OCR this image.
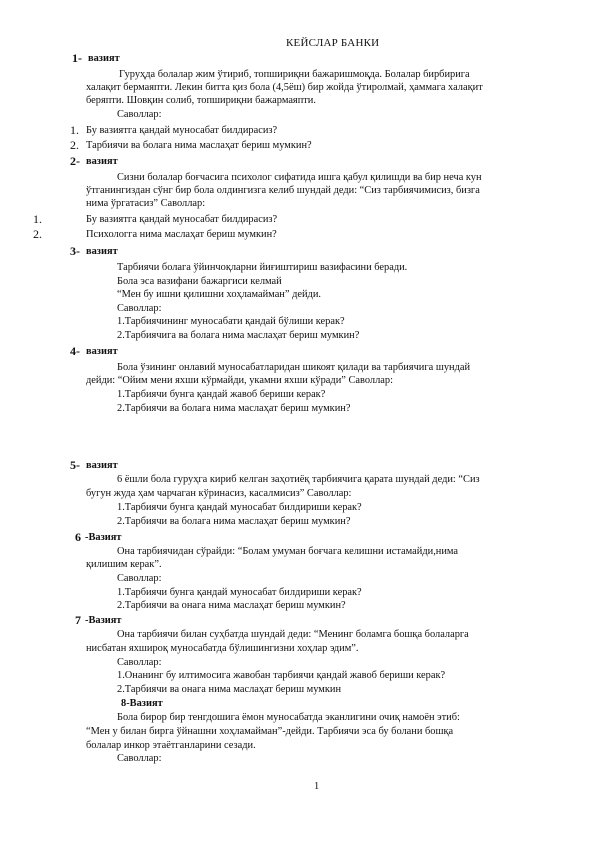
КЕЙСЛАР БАНКИ
1- вазият
Гуруҳда болалар жим ўтириб, топшириқни бажаришмоқда. Болалар бирбирига
халақит бермаяпти. Лекин битта қиз бола (4,5ёш) бир жойда ўтиролмай, ҳаммага халақит
беряпти. Шовқин солиб, топшириқни бажармаяпти.
Саволлар:
1. Бу вазиятга қандай муносабат билдирасиз?
2. Тарбиячи ва болага нима маслаҳат бериш мумкин?
2- вазият
Сизни болалар боғчасига психолог сифатида ишга қабул қилишди ва бир неча кун
ўтганингиздан сўнг бир бола олдингизга келиб шундай деди: “Сиз тарбиячимисиз, бизга
нима ўргатасиз” Саволлар:
1.	Бу вазиятга қандай муносабат билдирасиз?
2.	Психологга нима маслаҳат бериш мумкин?
3- вазият
Тарбиячи болага ўйинчоқларни йиғиштириш вазифасини беради.
Бола эса вазифани бажаргиси келмай
“Мен бу ишни қилишни хоҳламайман” дейди.
Саволлар:
1.Тарбиячининг муносабати қандай бўлиши керак?
2.Тарбиячига ва болага нима маслаҳат бериш мумкин?
4- вазият
Бола ўзининг онлавий муносабатларидан шикоят қилади ва тарбиячига шундай
дейди: “Ойим мени яхши кўрмайди, укамни яхши кўради” Саволлар:
1.Тарбиячи бунга қандай жавоб бериши керак?
2.Тарбиячи ва болага нима маслаҳат бериш мумкин?
5- вазият
6 ёшли бола гуруҳга кириб келган заҳотиёқ тарбиячига қарата шундай деди: “Сиз
бугун жуда ҳам чарчаган кўринасиз, касалмисиз” Саволлар:
1.Тарбиячи бунга қандай муносабат билдириши керак?
2.Тарбиячи ва болага нима маслаҳат бериш мумкин?
6 -Вазият
Она тарбиячидан сўрайди: “Болам умуман боғчага келишни истамайди,нима
қилишим керак”.
Саволлар:
1.Тарбиячи бунга қандай муносабат билдириши керак?
2.Тарбиячи ва онага нима маслаҳат бериш мумкин?
7 -Вазият
Она тарбиячи билан суҳбатда шундай деди: “Менинг боламга бошқа болаларга
нисбатан яхшироқ муносабатда бўлишингизни хоҳлар эдим”.
Саволлар:
1.Онанинг бу илтимосига жавобан тарбиячи қандай жавоб бериши керак?
2.Тарбиячи ва онага нима маслаҳат бериш мумкин
8-Вазият
Бола бирор бир тенгдошига ёмон муносабатда эканлигини очиқ намоён этиб:
“Мен у билан бирга ўйнашни хоҳламайман”-дейди. Тарбиячи эса бу болани бошқа
болалар инкор этаётганларини сезади.
Саволлар:
1
